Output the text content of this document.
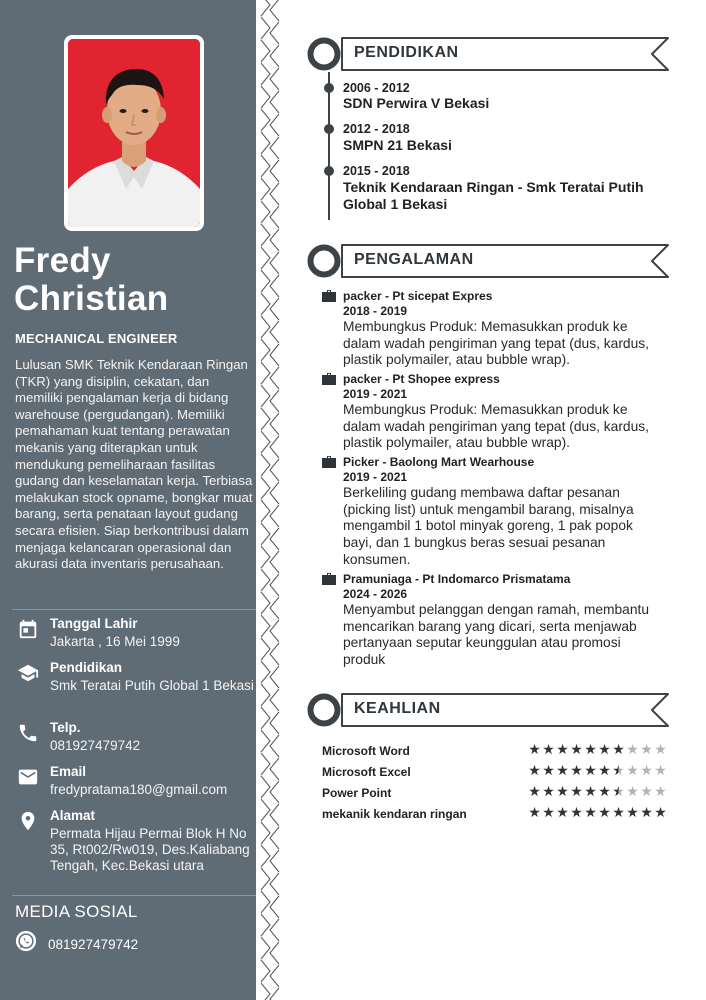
Fredy
Christian
MECHANICAL ENGINEER
Lulusan SMK Teknik Kendaraan Ringan (TKR) yang disiplin, cekatan, dan memiliki pengalaman kerja di bidang warehouse (pergudangan). Memiliki pemahaman kuat tentang perawatan mekanis yang diterapkan untuk mendukung pemeliharaan fasilitas gudang dan keselamatan kerja. Terbiasa melakukan stock opname, bongkar muat barang, serta penataan layout gudang secara efisien. Siap berkontribusi dalam menjaga kelancaran operasional dan akurasi data inventaris perusahaan.
Tanggal Lahir
Jakarta , 16 Mei 1999
Pendidikan
Smk Teratai Putih Global 1 Bekasi
Telp.
081927479742
Email
fredypratama180@gmail.com
Alamat
Permata Hijau Permai Blok H No 35, Rt002/Rw019, Des.Kaliabang Tengah, Kec.Bekasi utara
MEDIA SOSIAL
081927479742
PENDIDIKAN
2006 - 2012
SDN Perwira V Bekasi
2012 - 2018
SMPN 21 Bekasi
2015 - 2018
Teknik Kendaraan Ringan - Smk Teratai Putih Global 1 Bekasi
PENGALAMAN
packer - Pt sicepat Expres
2018 - 2019
Membungkus Produk: Memasukkan produk ke dalam wadah pengiriman yang tepat (dus, kardus, plastik polymailer, atau bubble wrap).
packer - Pt Shopee express
2019 - 2021
Membungkus Produk: Memasukkan produk ke dalam wadah pengiriman yang tepat (dus, kardus, plastik polymailer, atau bubble wrap).
Picker - Baolong Mart Wearhouse
2019 - 2021
Berkeliling gudang membawa daftar pesanan (picking list) untuk mengambil barang, misalnya mengambil 1 botol minyak goreng, 1 pak popok bayi, dan 1 bungkus beras sesuai pesanan konsumen.
Pramuniaga - Pt Indomarco Prismatama
2024 - 2026
Menyambut pelanggan dengan ramah, membantu mencarikan barang yang dicari, serta menjawab pertanyaan seputar keunggulan atau promosi produk
KEAHLIAN
Microsoft Word	★ ★ ★ ★ ★ ★ ★ ★ ★ ★
Microsoft Excel	★ ★ ★ ★ ★ ★ ★ ★ ★ ★
Power Point	★ ★ ★ ★ ★ ★ ★ ★ ★ ★
mekanik kendaran ringan	★ ★ ★ ★ ★ ★ ★ ★ ★ ★
